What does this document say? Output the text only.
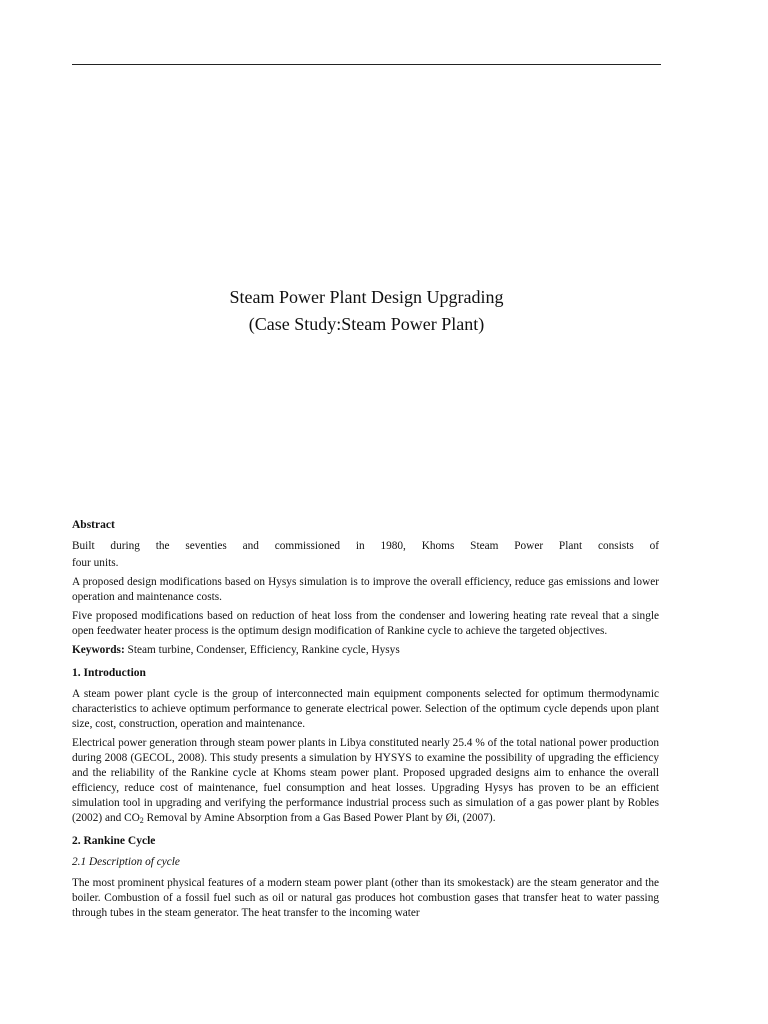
Steam Power Plant Design Upgrading
(Case Study:Steam Power Plant)
Abstract

Built during the seventies and commissioned in 1980, Khoms Steam Power Plant consists of

four units.

A proposed design modifications based on Hysys simulation is to improve the overall efficiency, reduce gas emissions and lower operation and maintenance costs.

Five proposed modifications based on reduction of heat loss from the condenser and lowering heating rate reveal that a single open feedwater heater process is the optimum design modification of Rankine cycle to achieve the targeted objectives.

Keywords: Steam turbine, Condenser, Efficiency, Rankine cycle, Hysys

1. Introduction

A steam power plant cycle is the group of interconnected main equipment components selected for optimum thermodynamic characteristics to achieve optimum performance to generate electrical power. Selection of the optimum cycle depends upon plant size, cost, construction, operation and maintenance.

Electrical power generation through steam power plants in Libya constituted nearly 25.4 % of the total national power production during 2008 (GECOL, 2008). This study presents a simulation by HYSYS to examine the possibility of upgrading the efficiency and the reliability of the Rankine cycle at Khoms steam power plant. Proposed upgraded designs aim to enhance the overall efficiency, reduce cost of maintenance, fuel consumption and heat losses. Upgrading Hysys has proven to be an efficient simulation tool in upgrading and verifying the performance industrial process such as simulation of a gas power plant by Robles (2002) and $CO_2$ Removal by Amine Absorption from a Gas Based Power Plant by Øi, (2007).

2. Rankine Cycle
2.1 Description of cycle

The most prominent physical features of a modern steam power plant (other than its smokestack) are the steam generator and the boiler. Combustion of a fossil fuel such as oil or natural gas produces hot combustion gases that transfer heat to water passing through tubes in the steam generator. The heat transfer to the incoming water
